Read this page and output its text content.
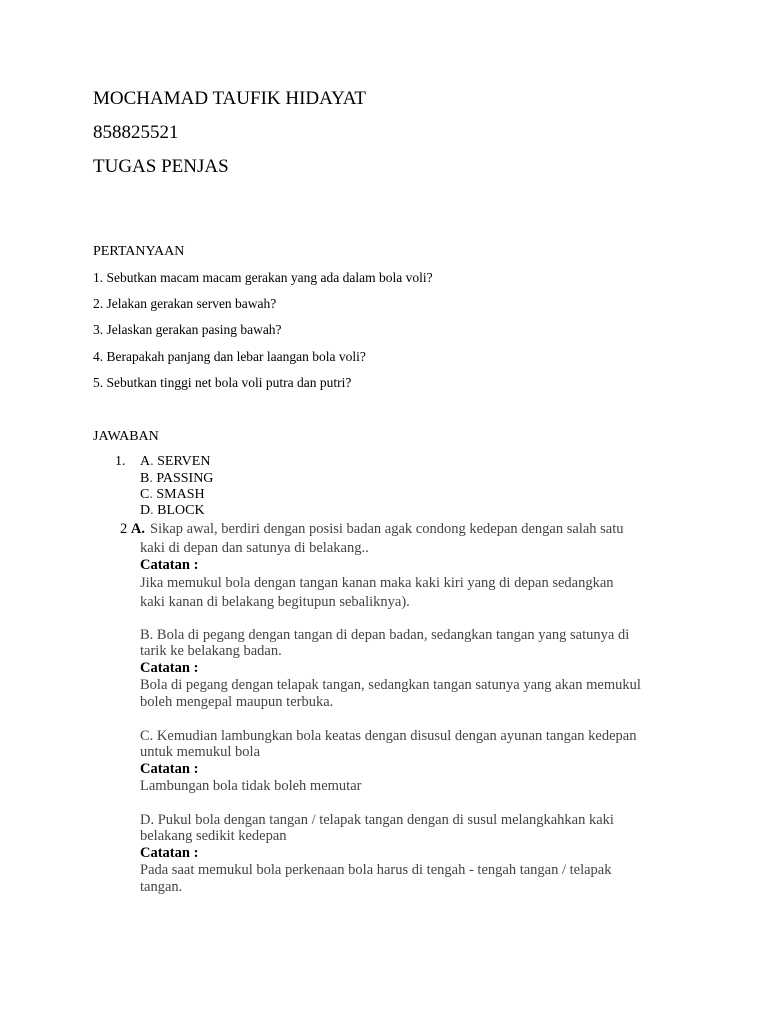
MOCHAMAD TAUFIK HIDAYAT
858825521
TUGAS PENJAS
PERTANYAAN
1. Sebutkan macam macam gerakan yang ada dalam bola voli?
2. Jelakan gerakan serven bawah?
3. Jelaskan gerakan pasing bawah?
4. Berapakah panjang dan lebar laangan bola voli?
5. Sebutkan tinggi net bola voli putra dan putri?
JAWABAN
1. A. SERVEN
B. PASSING
C. SMASH
D. BLOCK
2 A. Sikap awal, berdiri dengan posisi badan agak condong kedepan dengan salah satu
kaki di depan dan satunya di belakang..
Catatan :
Jika memukul bola dengan tangan kanan maka kaki kiri yang di depan sedangkan
kaki kanan di belakang begitupun sebaliknya).
B. Bola di pegang dengan tangan di depan badan, sedangkan tangan yang satunya di
tarik ke belakang badan.
Catatan :
Bola di pegang dengan telapak tangan, sedangkan tangan satunya yang akan memukul
boleh mengepal maupun terbuka.
C. Kemudian lambungkan bola keatas dengan disusul dengan ayunan tangan kedepan
untuk memukul bola
Catatan :
Lambungan bola tidak boleh memutar
D. Pukul bola dengan tangan / telapak tangan dengan di susul melangkahkan kaki
belakang sedikit kedepan
Catatan :
Pada saat memukul bola perkenaan bola harus di tengah - tengah tangan / telapak
tangan.
